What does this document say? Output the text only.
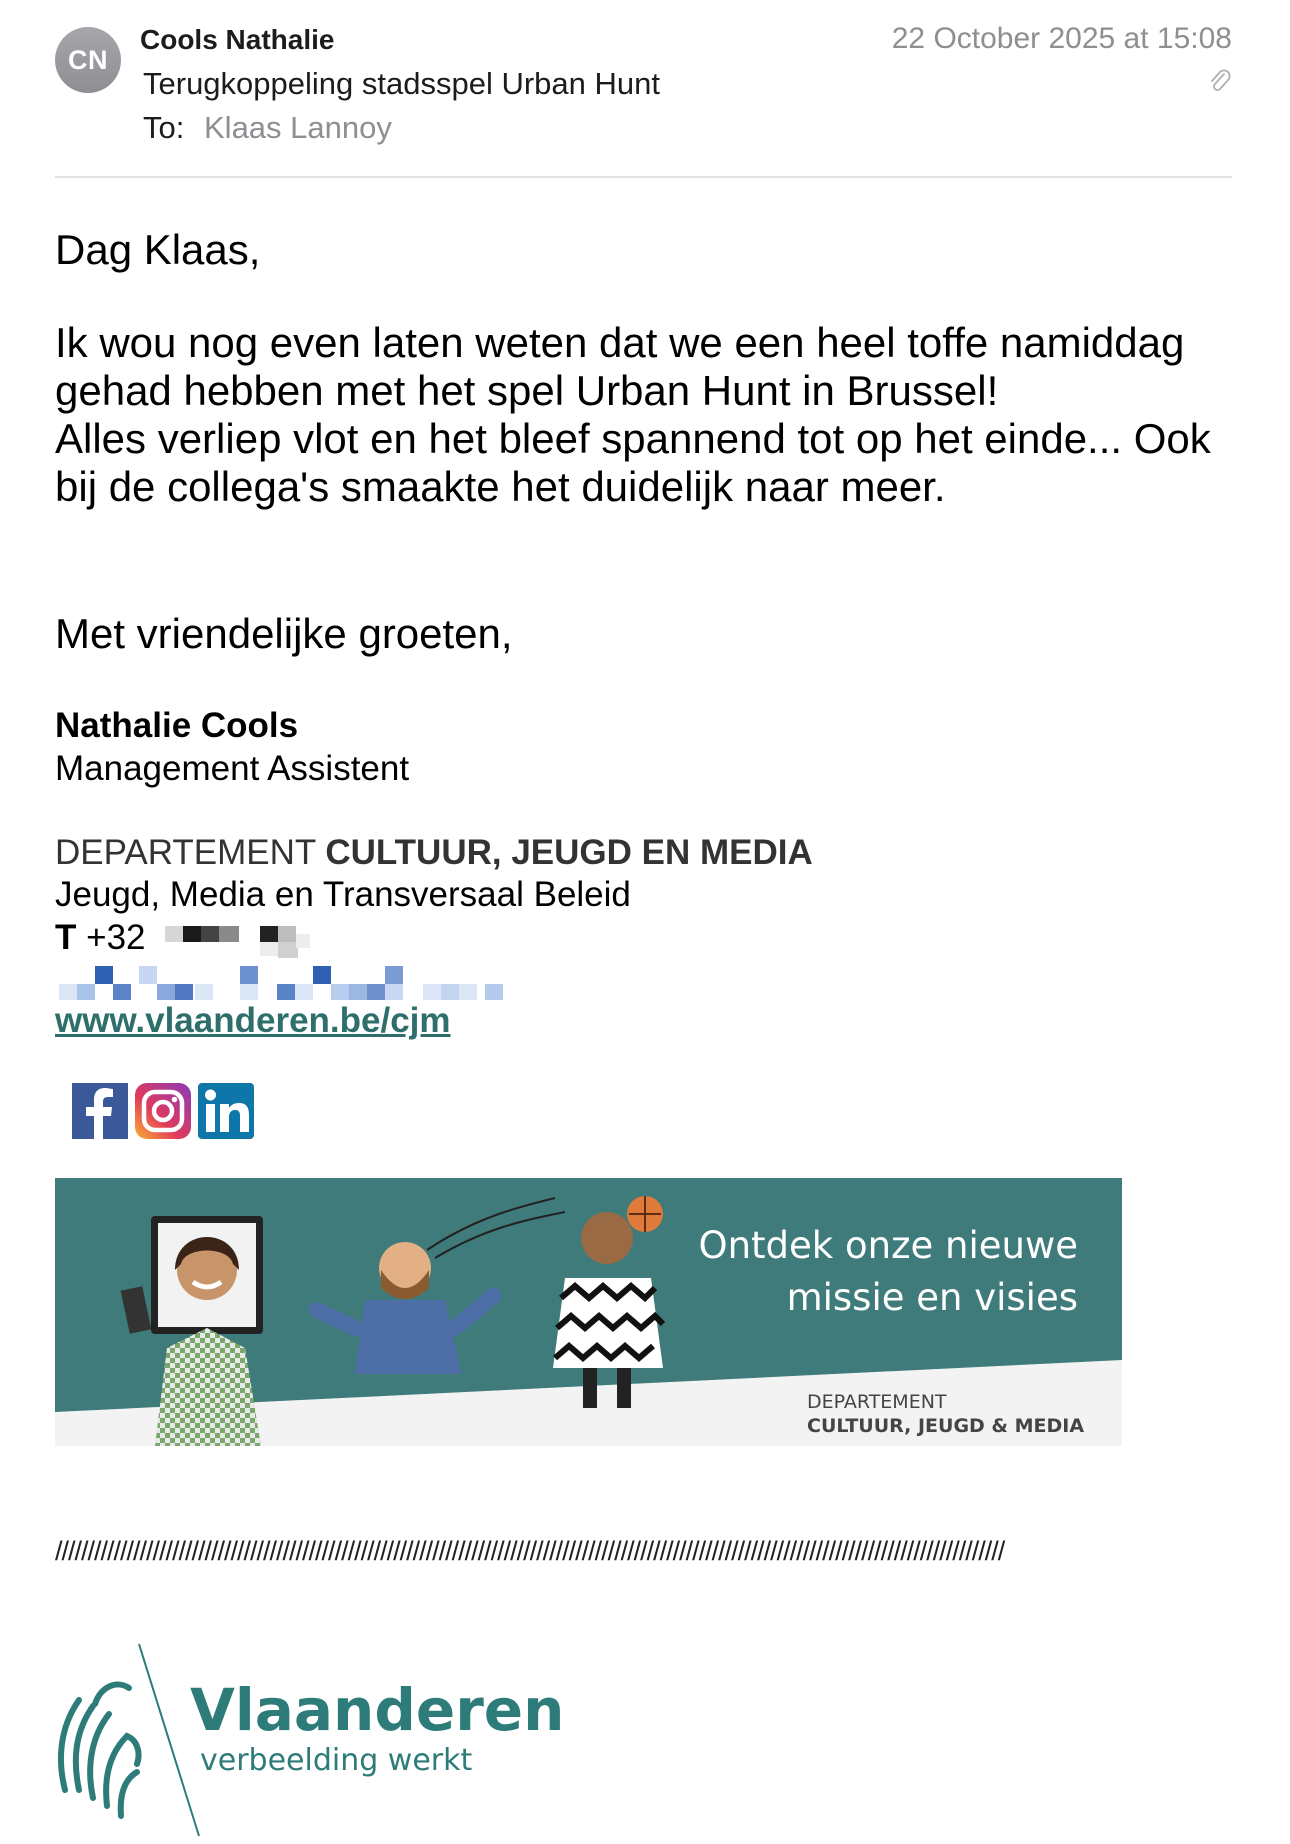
CN
Cools Nathalie	22 October 2025 at 15:08
Terugkoppeling stadsspel Urban Hunt
To: Klaas Lannoy
Dag Klaas,
Ik wou nog even laten weten dat we een heel toffe namiddag
gehad hebben met het spel Urban Hunt in Brussel!
Alles verliep vlot en het bleef spannend tot op het einde... Ook
bij de collega's smaakte het duidelijk naar meer.
Met vriendelijke groeten,
Nathalie Cools
Management Assistent
DEPARTEMENT CULTUUR, JEUGD EN MEDIA
Jeugd, Media en Transversaal Beleid
T +32
www.vlaanderen.be/cjm
Ontdek onze nieuwe
missie en visies
DEPARTEMENT
CULTUUR, JEUGD & MEDIA
//////////////////////////////////////////////////////////////////////////////////////////////////////////////////////////////////////////////////
Vlaanderen
verbeelding werkt
